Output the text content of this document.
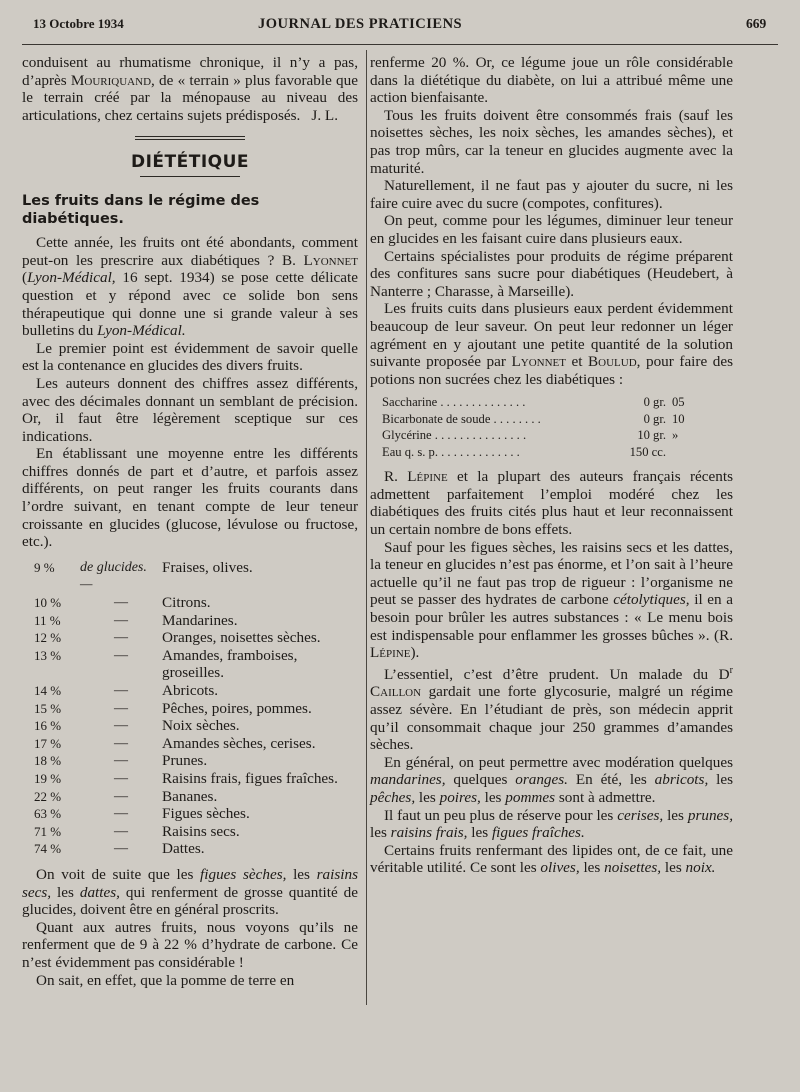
13 Octobre 1934	JOURNAL DES PRATICIENS	669

conduisent au rhumatisme chronique, il n’y a pas, d’après Mouriquand, de « terrain » plus favorable que le terrain créé par la ménopause au niveau des articulations, chez certains sujets prédisposés. J. L.
DIÉTÉTIQUE
Les fruits dans le régime des diabétiques.

Cette année, les fruits ont été abondants, comment peut-on les prescrire aux diabétiques ? B. Lyonnet (Lyon-Médical, 16 sept. 1934) se pose cette délicate question et y répond avec ce solide bon sens thérapeutique qui donne une si grande valeur à ses bulletins du Lyon-Médical.

Le premier point est évidemment de savoir quelle est la contenance en glucides des divers fruits.

Les auteurs donnent des chiffres assez différents, avec des décimales donnant un semblant de précision. Or, il faut être légèrement sceptique sur ces indications.

En établissant une moyenne entre les différents chiffres donnés de part et d’autre, et parfois assez différents, on peut ranger les fruits courants dans l’ordre suivant, en tenant compte de leur teneur croissante en glucides (glucose, lévulose ou fructose, etc.).

9 %	de glucides. —	Fraises, olives.
10 %	—	Citrons.
11 %	—	Mandarines.
12 %	—	Oranges, noisettes sèches.
13 %	—	Amandes, framboises, groseilles.
14 %	—	Abricots.
15 %	—	Pêches, poires, pommes.
16 %	—	Noix sèches.
17 %	—	Amandes sèches, cerises.
18 %	—	Prunes.
19 %	—	Raisins frais, figues fraîches.
22 %	—	Bananes.
63 %	—	Figues sèches.
71 %	—	Raisins secs.
74 %	—	Dattes.

On voit de suite que les figues sèches, les raisins secs, les dattes, qui renferment de grosse quantité de glucides, doivent être en général proscrits.

Quant aux autres fruits, nous voyons qu’ils ne renferment que de 9 à 22 % d’hydrate de carbone. Ce n’est évidemment pas considérable !

On sait, en effet, que la pomme de terre en

renferme 20 %. Or, ce légume joue un rôle considérable dans la diététique du diabète, on lui a attribué même une action bienfaisante.

Tous les fruits doivent être consommés frais (sauf les noisettes sèches, les noix sèches, les amandes sèches), et pas trop mûrs, car la teneur en glucides augmente avec la maturité.

Naturellement, il ne faut pas y ajouter du sucre, ni les faire cuire avec du sucre (compotes, confitures).

On peut, comme pour les légumes, diminuer leur teneur en glucides en les faisant cuire dans plusieurs eaux.

Certains spécialistes pour produits de régime préparent des confitures sans sucre pour diabétiques (Heudebert, à Nanterre ; Charasse, à Marseille).

Les fruits cuits dans plusieurs eaux perdent évidemment beaucoup de leur saveur. On peut leur redonner un léger agrément en y ajoutant une petite quantité de la solution suivante proposée par Lyonnet et Boulud, pour faire des potions non sucrées chez les diabétiques :

Saccharine . . . . . . . . . . . . . .	0 gr.	05
Bicarbonate de soude . . . . . . . .	0 gr.	10
Glycérine . . . . . . . . . . . . . . .	10 gr.	»
Eau q. s. p. . . . . . . . . . . . . .	150 cc.	

R. Lépine et la plupart des auteurs français récents admettent parfaitement l’emploi modéré chez les diabétiques des fruits cités plus haut et leur reconnaissent un certain nombre de bons effets.

Sauf pour les figues sèches, les raisins secs et les dattes, la teneur en glucides n’est pas énorme, et l’on sait à l’heure actuelle qu’il ne faut pas trop de rigueur : l’organisme ne peut se passer des hydrates de carbone cétolytiques, il en a besoin pour brûler les autres substances : « Le menu bois est indispensable pour enflammer les grosses bûches ». (R. Lépine).

L’essentiel, c’est d’être prudent. Un malade du $D^r$ Caillon gardait une forte glycosurie, malgré un régime assez sévère. En l’étudiant de près, son médecin apprit qu’il consommait chaque jour 250 grammes d’amandes sèches.

En général, on peut permettre avec modération quelques mandarines, quelques oranges. En été, les abricots, les pêches, les poires, les pommes sont à admettre.

Il faut un peu plus de réserve pour les cerises, les prunes, les raisins frais, les figues fraîches.

Certains fruits renfermant des lipides ont, de ce fait, une véritable utilité. Ce sont les olives, les noisettes, les noix.
